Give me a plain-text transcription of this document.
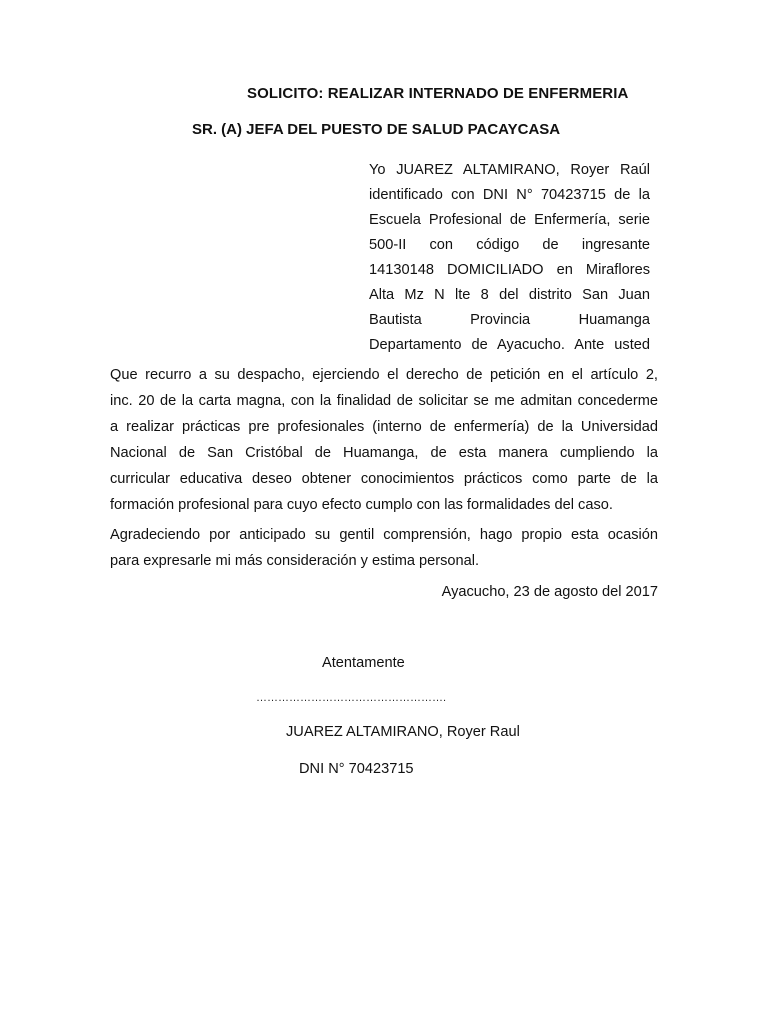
SOLICITO: REALIZAR INTERNADO DE ENFERMERIA
SR. (A) JEFA DEL PUESTO DE SALUD PACAYCASA
Yo JUAREZ ALTAMIRANO, Royer Raúl
identificado con DNI N° 70423715 de la
Escuela Profesional de Enfermería, serie
500-II con código de ingresante
14130148 DOMICILIADO en Miraflores
Alta Mz N lte 8 del distrito San Juan
Bautista Provincia Huamanga
Departamento de Ayacucho. Ante usted
Que recurro a su despacho, ejerciendo el derecho de petición en el artículo 2,
inc. 20 de la carta magna, con la finalidad de solicitar se me admitan concederme
a realizar prácticas pre profesionales (interno de enfermería) de la Universidad
Nacional de San Cristóbal de Huamanga, de esta manera cumpliendo la
curricular educativa deseo obtener conocimientos prácticos como parte de la
formación profesional para cuyo efecto cumplo con las formalidades del caso.
Agradeciendo por anticipado su gentil comprensión, hago propio esta ocasión
para expresarle mi más consideración y estima personal.
Ayacucho, 23 de agosto del 2017
Atentamente
…………………………………………….
JUAREZ ALTAMIRANO, Royer Raul
DNI N° 70423715
